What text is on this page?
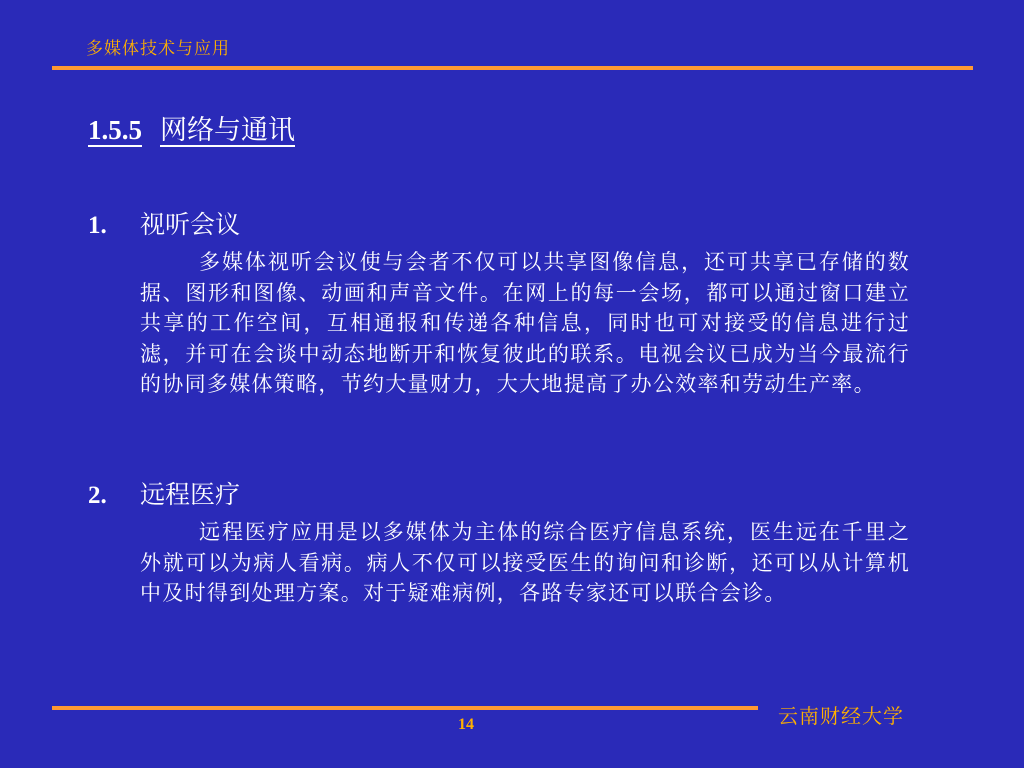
多媒体技术与应用
1.5.5 网络与通讯
1. 视听会议
多媒体视听会议使与会者不仅可以共享图像信息，还可共享已存储的数据、图形和图像、动画和声音文件。在网上的每一会场，都可以通过窗口建立共享的工作空间，互相通报和传递各种信息，同时也可对接受的信息进行过滤，并可在会谈中动态地断开和恢复彼此的联系。电视会议已成为当今最流行的协同多媒体策略，节约大量财力，大大地提高了办公效率和劳动生产率。
2. 远程医疗
远程医疗应用是以多媒体为主体的综合医疗信息系统，医生远在千里之外就可以为病人看病。病人不仅可以接受医生的询问和诊断，还可以从计算机中及时得到处理方案。对于疑难病例，各路专家还可以联合会诊。
云南财经大学
14
